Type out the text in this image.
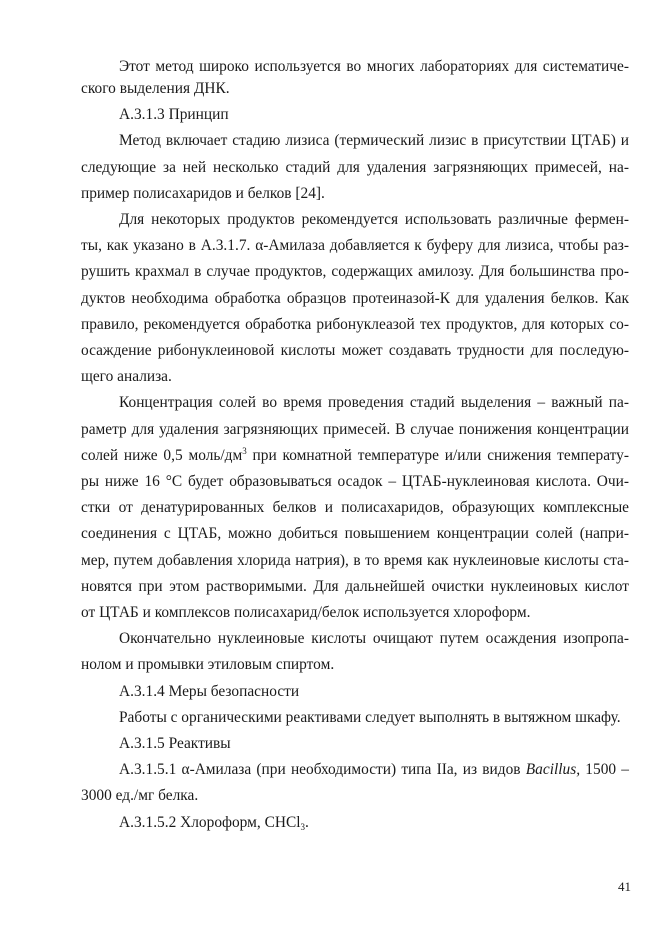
Этот метод широко используется во многих лабораториях для систематиче-
ского выделения ДНК.
А.3.1.3 Принцип
Метод включает стадию лизиса (термический лизис в присутствии ЦТАБ) и
следующие за ней несколько стадий для удаления загрязняющих примесей, на-
пример полисахаридов и белков [24].
Для некоторых продуктов рекомендуется использовать различные фермен-
ты, как указано в А.3.1.7. α-Амилаза добавляется к буферу для лизиса, чтобы раз-
рушить крахмал в случае продуктов, содержащих амилозу. Для большинства про-
дуктов необходима обработка образцов протеиназой-К для удаления белков. Как
правило, рекомендуется обработка рибонуклеазой тех продуктов, для которых со-
осаждение рибонуклеиновой кислоты может создавать трудности для последую-
щего анализа.
Концентрация солей во время проведения стадий выделения – важный па-
раметр для удаления загрязняющих примесей. В случае понижения концентрации
солей ниже 0,5 моль/$дм^3$ при комнатной температуре и/или снижения температу-
ры ниже 16 °С будет образовываться осадок – ЦТАБ-нуклеиновая кислота. Очи-
стки от денатурированных белков и полисахаридов, образующих комплексные
соединения с ЦТАБ, можно добиться повышением концентрации солей (напри-
мер, путем добавления хлорида натрия), в то время как нуклеиновые кислоты ста-
новятся при этом растворимыми. Для дальнейшей очистки нуклеиновых кислот
от ЦТАБ и комплексов полисахарид/белок используется хлороформ.
Окончательно нуклеиновые кислоты очищают путем осаждения изопропа-
нолом и промывки этиловым спиртом.
А.3.1.4 Меры безопасности
Работы с органическими реактивами следует выполнять в вытяжном шкафу.
А.3.1.5 Реактивы
А.3.1.5.1 α-Амилаза (при необходимости) типа IIa, из видов Bacillus, 1500 –
3000 ед./мг белка.
А.3.1.5.2 Хлороформ, СНCl$_3$.
41
